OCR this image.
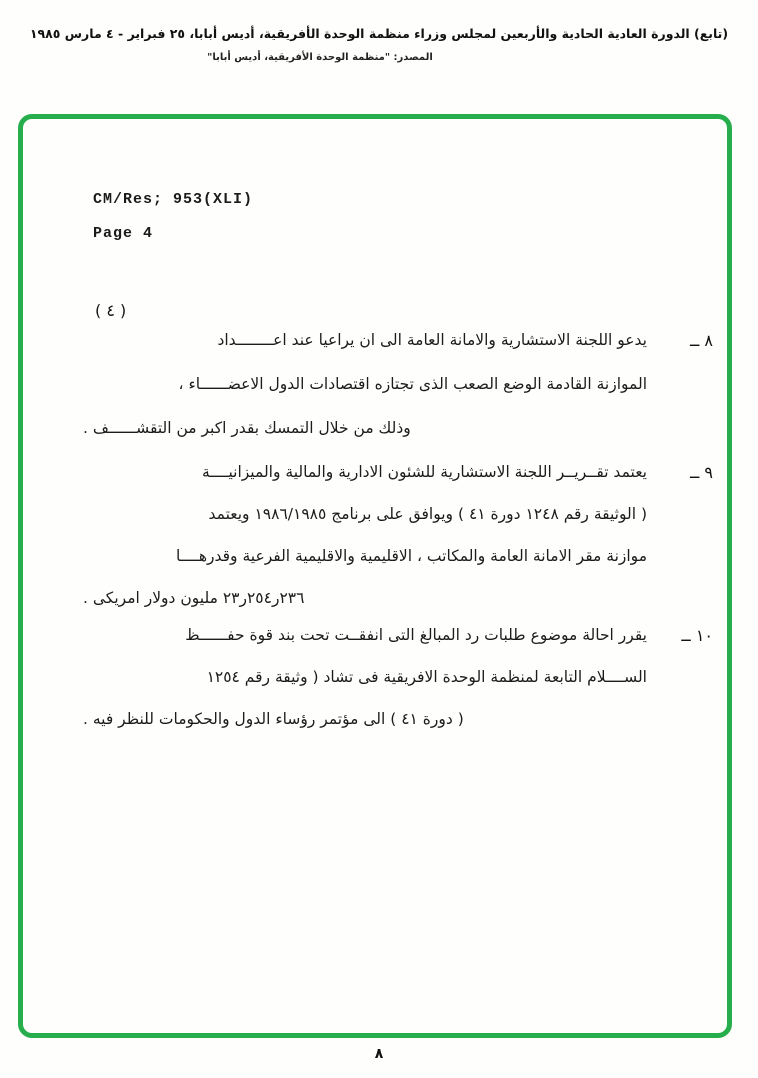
(تابع) الدورة العادية الحادية والأربعين لمجلس وزراء منظمة الوحدة الأفريقية، أديس أبابا، ٢٥ فبراير - ٤ مارس ١٩٨٥
المصدر: "منظمة الوحدة الأفريقية، أديس أبابا"
CM/Res; 953(XLI)
Page 4
( ٤ )
٨ ــ
يدعو اللجنة الاستشارية والامانة العامة الى ان يراعيا عند اعــــــــداد
الموازنة القادمة الوضع الصعب الذى تجتازه اقتصادات الدول الاعضــــــاء ،
وذلك من خلال التمسك بقدر اكبر من التقشــــــف .
٩ ــ
يعتمد تقــريــر اللجنة الاستشارية للشئون الادارية والمالية والميزانيــــة
( الوثيقة رقم ١٢٤٨ دورة ٤١ ) ويوافق على برنامج ١٩٨٦/١٩٨٥ ويعتمد
موازنة مقر الامانة العامة والمكاتب ، الاقليمية والاقليمية الفرعية وقدرهــــا
٢٣٦ر٢٥٤ر٢٣ مليون دولار امريكى .
١٠ ــ
يقرر احالة موضوع طلبات رد المبالغ التى انفقــت تحت بند قوة حفــــــظ
الســــلام التابعة لمنظمة الوحدة الافريقية فى تشاد ( وثيقة رقم ١٢٥٤
( دورة ٤١ ) الى مؤتمر رؤساء الدول والحكومات للنظر فيه .
٨
